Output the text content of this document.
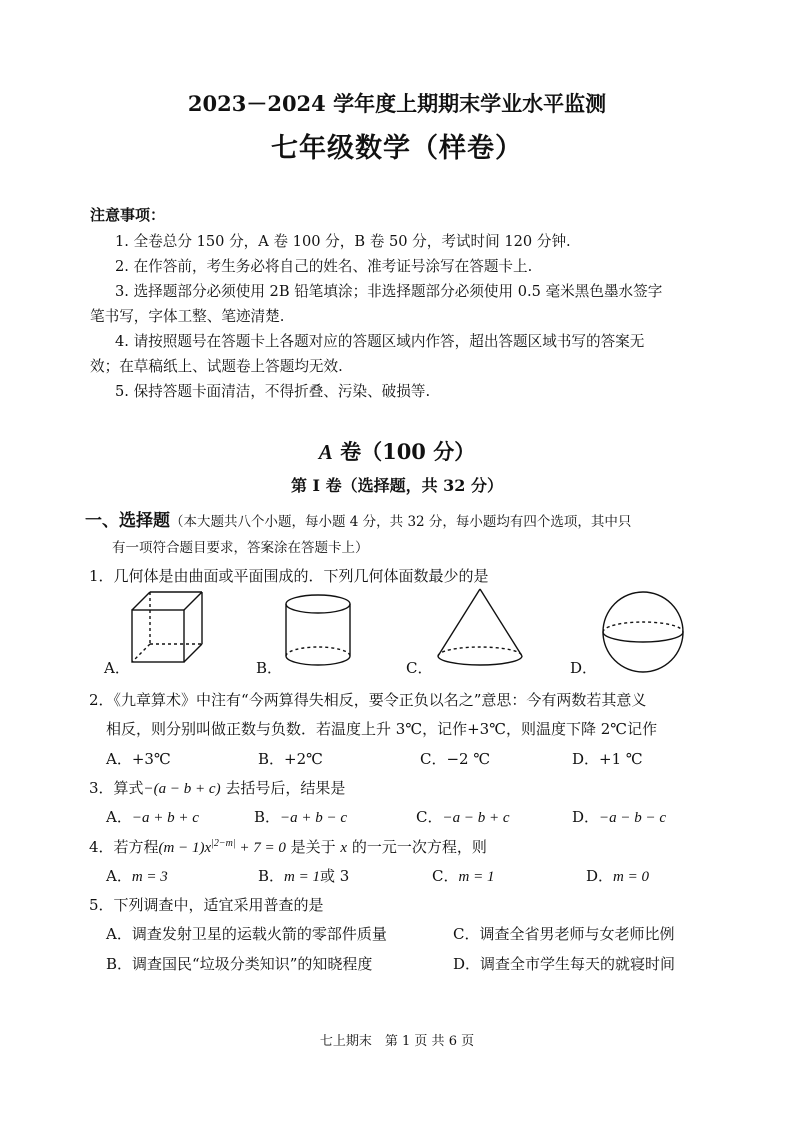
2023－2024 学年度上期期末学业水平监测
七年级数学（样卷）
注意事项：
1. 全卷总分 150 分，A 卷 100 分，B 卷 50 分，考试时间 120 分钟.
2. 在作答前，考生务必将自己的姓名、准考证号涂写在答题卡上.
3. 选择题部分必须使用 2B 铅笔填涂；非选择题部分必须使用 0.5 毫米黑色墨水签字
笔书写，字体工整、笔迹清楚.
4. 请按照题号在答题卡上各题对应的答题区域内作答，超出答题区域书写的答案无
效；在草稿纸上、试题卷上答题均无效.
5. 保持答题卡面清洁，不得折叠、污染、破损等.
A 卷（100 分）
第 I 卷（选择题，共 32 分）
一、选择题（本大题共八个小题，每小题 4 分，共 32 分，每小题均有四个选项，其中只
有一项符合题目要求，答案涂在答题卡上）
1．几何体是由曲面或平面围成的．下列几何体面数最少的是
A．	B．	C．	D．
2．《九章算术》中注有“今两算得失相反，要令正负以名之”意思：今有两数若其意义
相反，则分别叫做正数与负数．若温度上升 3℃，记作+3℃，则温度下降 2℃记作
A．+3℃	B．+2℃	C．−2 ℃	D．+1 ℃
3．算式−(a − b + c) 去括号后，结果是
A．−a + b + c	B．−a + b − c	C．−a − b + c	D．−a − b − c
4．若方程$(m - 1)x^{|2-m|} + 7 = 0$ 是关于 x 的一元一次方程，则
A．m = 3	B．m = 1或 3	C．m = 1	D．m = 0
5．下列调查中，适宜采用普查的是
A．调查发射卫星的运载火箭的零部件质量	C．调查全省男老师与女老师比例
B．调查国民“垃圾分类知识”的知晓程度	D．调查全市学生每天的就寝时间
七上期末　第 1 页 共 6 页
